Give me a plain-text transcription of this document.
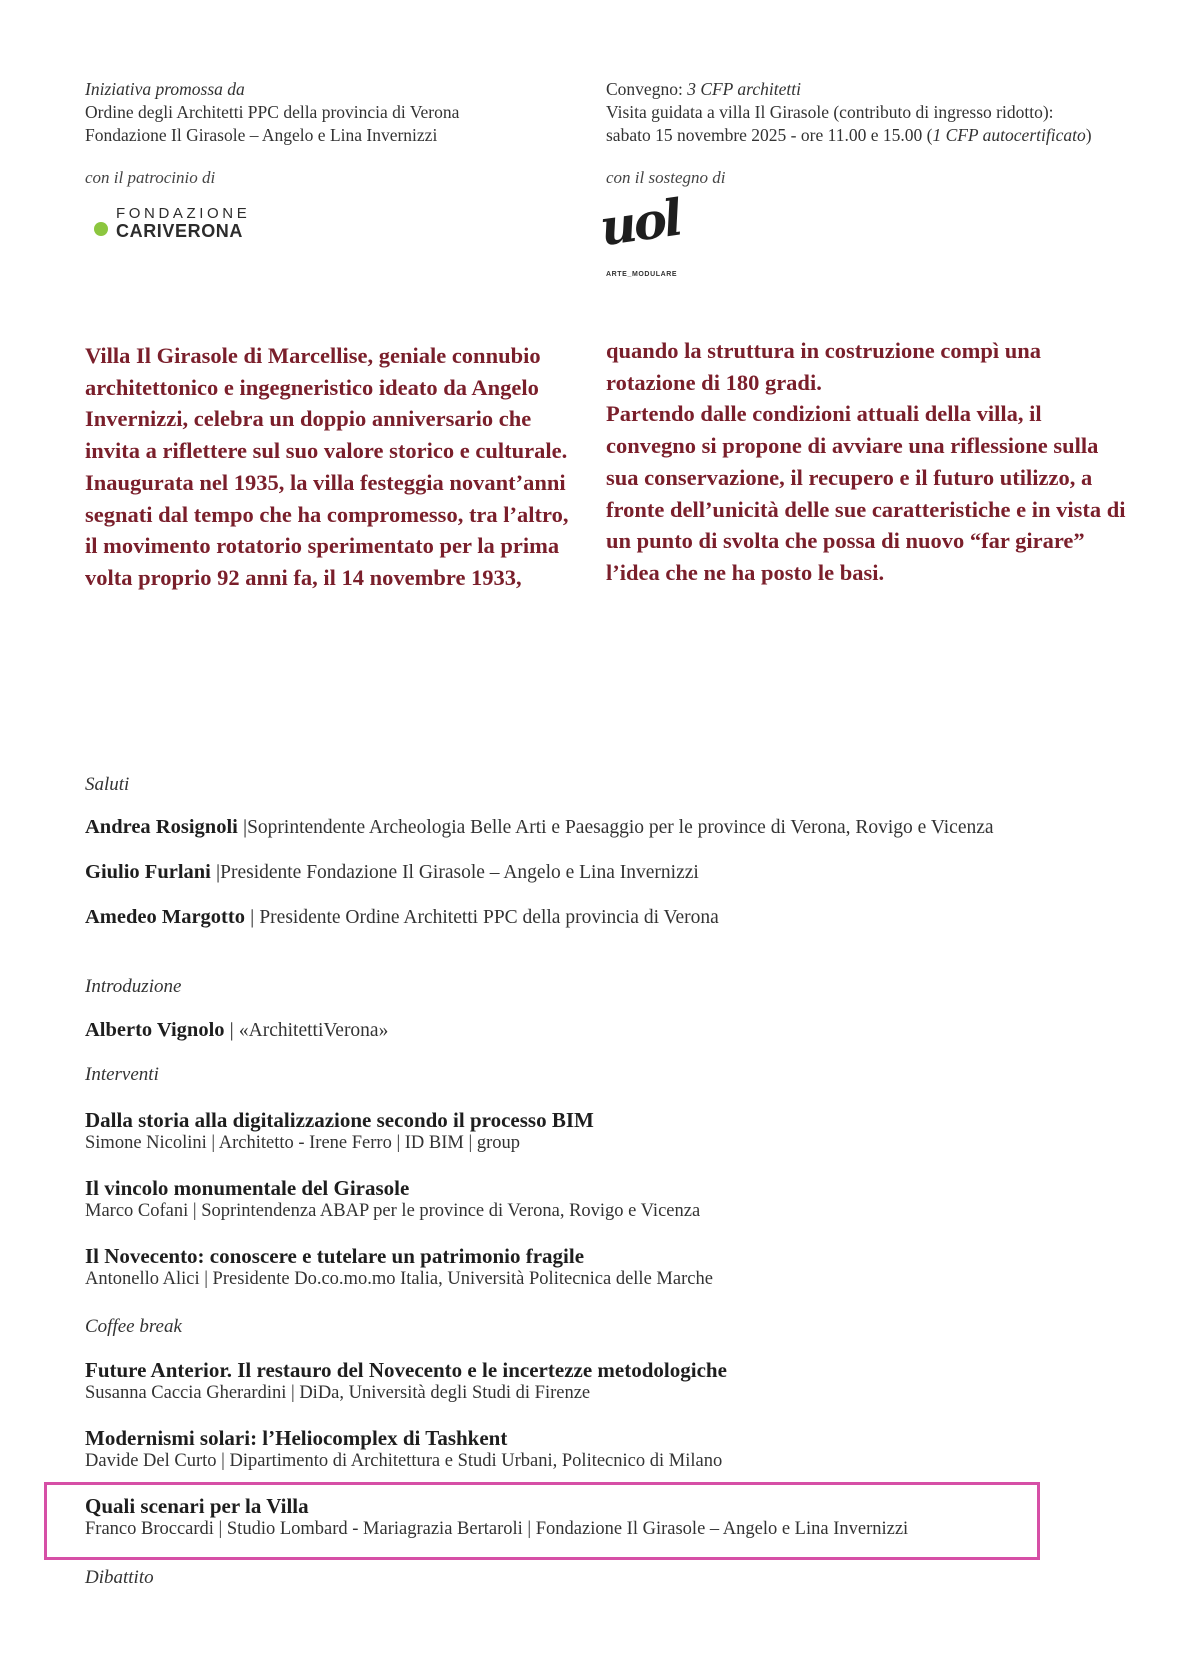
Iniziativa promossa da
Ordine degli Architetti PPC della provincia di Verona
Fondazione Il Girasole – Angelo e Lina Invernizzi
con il patrocinio di
FONDAZIONE
CARIVERONA
Convegno: 3 CFP architetti
Visita guidata a villa Il Girasole (contributo di ingresso ridotto):
sabato 15 novembre 2025 - ore 11.00 e 15.00 (1 CFP autocertificato)
con il sostegno di
uol
ARTE_MODULARE
Villa Il Girasole di Marcellise, geniale connubio architettonico e ingegneristico ideato da Angelo Invernizzi, celebra un doppio anniversario che invita a riflettere sul suo valore storico e culturale. Inaugurata nel 1935, la villa festeggia novant’anni segnati dal tempo che ha compromesso, tra l’altro, il movimento rotatorio sperimentato per la prima volta proprio 92 anni fa, il 14 novembre 1933,
quando la struttura in costruzione compì una rotazione di 180 gradi.
Partendo dalle condizioni attuali della villa, il convegno si propone di avviare una riflessione sulla sua conservazione, il recupero e il futuro utilizzo, a fronte dell’unicità delle sue caratteristiche e in vista di un punto di svolta che possa di nuovo “far girare” l’idea che ne ha posto le basi.
Saluti
Andrea Rosignoli |Soprintendente Archeologia Belle Arti e Paesaggio per le province di Verona, Rovigo e Vicenza
Giulio Furlani |Presidente Fondazione Il Girasole – Angelo e Lina Invernizzi
Amedeo Margotto | Presidente Ordine Architetti PPC della provincia di Verona
Introduzione
Alberto Vignolo | «ArchitettiVerona»
Interventi
Dalla storia alla digitalizzazione secondo il processo BIM
Simone Nicolini | Architetto - Irene Ferro | ID BIM | group
Il vincolo monumentale del Girasole
Marco Cofani | Soprintendenza ABAP per le province di Verona, Rovigo e Vicenza
Il Novecento: conoscere e tutelare un patrimonio fragile
Antonello Alici | Presidente Do.co.mo.mo Italia, Università Politecnica delle Marche
Coffee break
Future Anterior. Il restauro del Novecento e le incertezze metodologiche
Susanna Caccia Gherardini | DiDa, Università degli Studi di Firenze
Modernismi solari: l’Heliocomplex di Tashkent
Davide Del Curto | Dipartimento di Architettura e Studi Urbani, Politecnico di Milano
Quali scenari per la Villa
Franco Broccardi | Studio Lombard - Mariagrazia Bertaroli | Fondazione Il Girasole – Angelo e Lina Invernizzi
Dibattito
